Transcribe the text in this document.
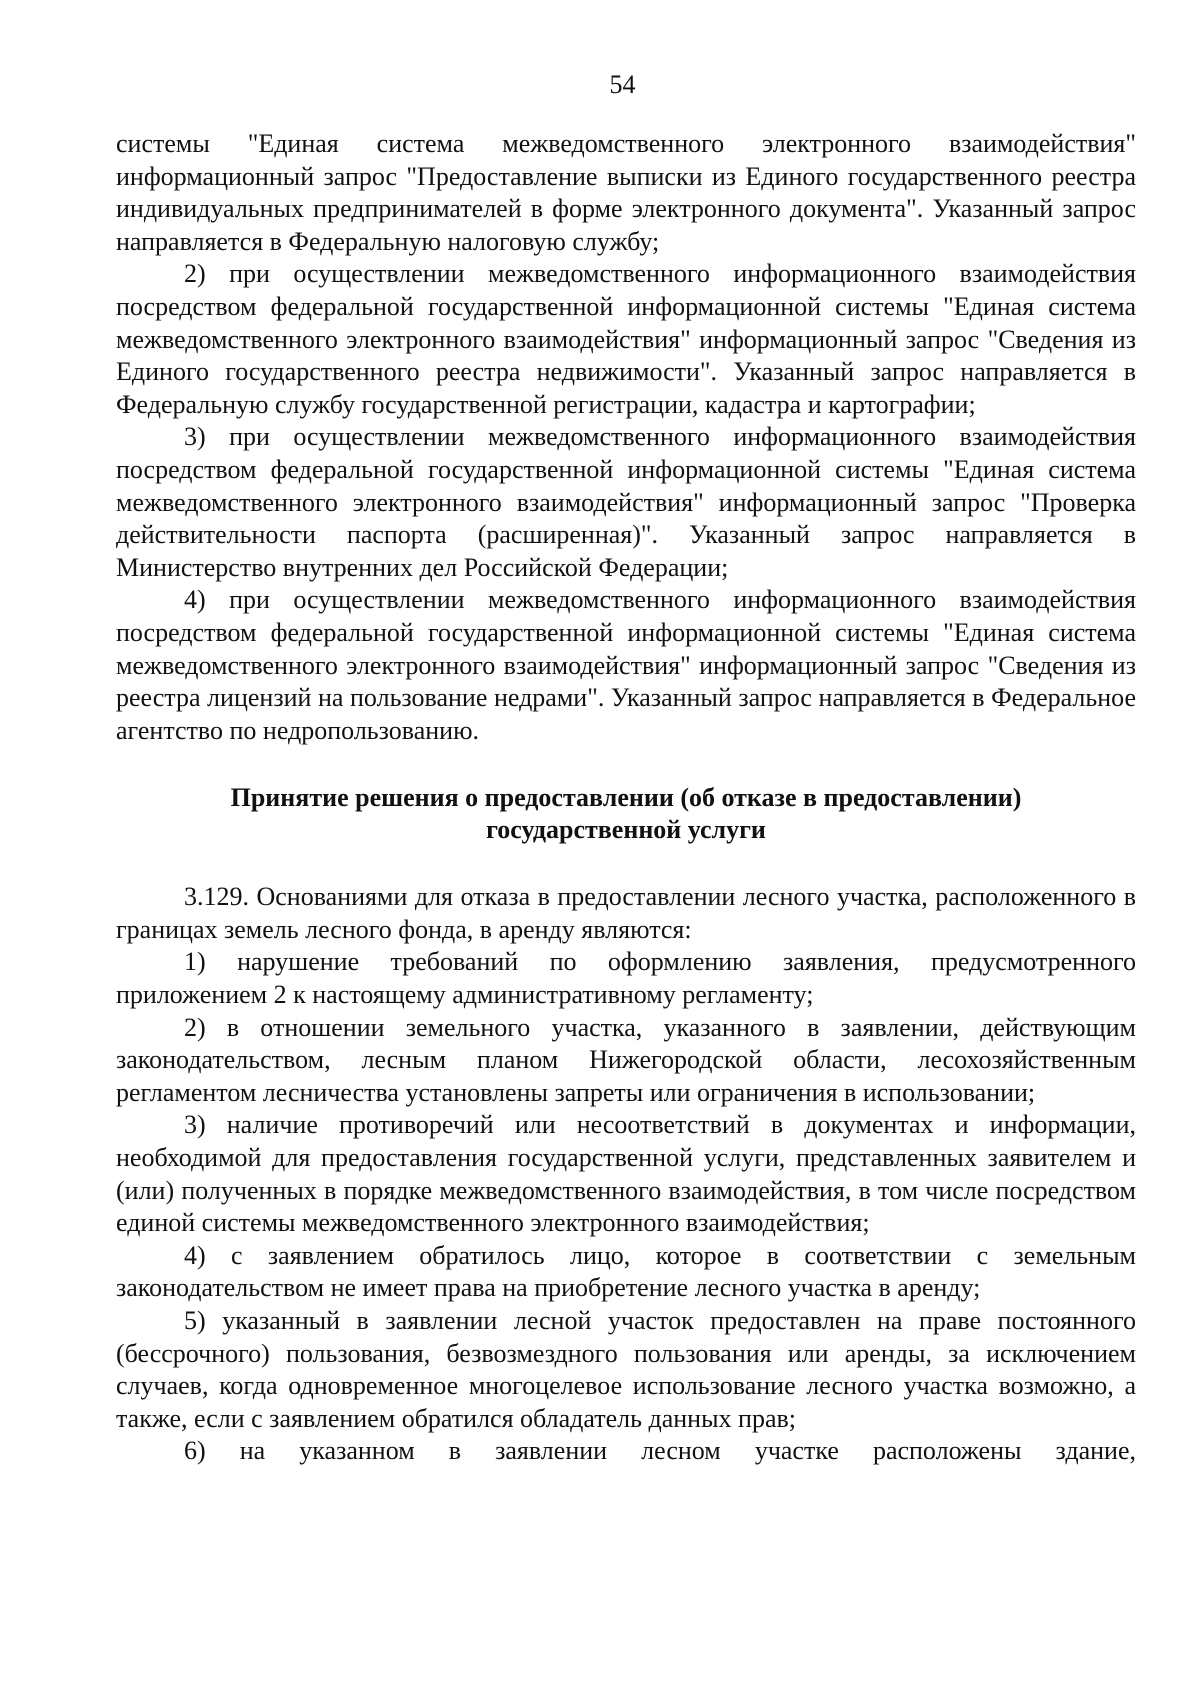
54

системы "Единая система межведомственного электронного взаимодействия" информационный запрос "Предоставление выписки из Единого государственного реестра индивидуальных предпринимателей в форме электронного документа". Указанный запрос направляется в Федеральную налоговую службу;

2) при осуществлении межведомственного информационного взаимодействия посредством федеральной государственной информационной системы "Единая система межведомственного электронного взаимодействия" информационный запрос "Сведения из Единого государственного реестра недвижимости". Указанный запрос направляется в Федеральную службу государственной регистрации, кадастра и картографии;

3) при осуществлении межведомственного информационного взаимодействия посредством федеральной государственной информационной системы "Единая система межведомственного электронного взаимодействия" информационный запрос "Проверка действительности паспорта (расширенная)". Указанный запрос направляется в Министерство внутренних дел Российской Федерации;

4) при осуществлении межведомственного информационного взаимодействия посредством федеральной государственной информационной системы "Единая система межведомственного электронного взаимодействия" информационный запрос "Сведения из реестра лицензий на пользование недрами". Указанный запрос направляется в Федеральное агентство по недропользованию.

Принятие решения о предоставлении (об отказе в предоставлении)
государственной услуги

3.129. Основаниями для отказа в предоставлении лесного участка, расположенного в границах земель лесного фонда, в аренду являются:

1) нарушение требований по оформлению заявления, предусмотренного приложением 2 к настоящему административному регламенту;

2) в отношении земельного участка, указанного в заявлении, действующим законодательством, лесным планом Нижегородской области, лесохозяйственным регламентом лесничества установлены запреты или ограничения в использовании;

3) наличие противоречий или несоответствий в документах и информации, необходимой для предоставления государственной услуги, представленных заявителем и (или) полученных в порядке межведомственного взаимодействия, в том числе посредством единой системы межведомственного электронного взаимодействия;

4) с заявлением обратилось лицо, которое в соответствии с земельным законодательством не имеет права на приобретение лесного участка в аренду;

5) указанный в заявлении лесной участок предоставлен на праве постоянного (бессрочного) пользования, безвозмездного пользования или аренды, за исключением случаев, когда одновременное многоцелевое использование лесного участка возможно, а также, если с заявлением обратился обладатель данных прав;

6) на указанном в заявлении лесном участке расположены здание,
